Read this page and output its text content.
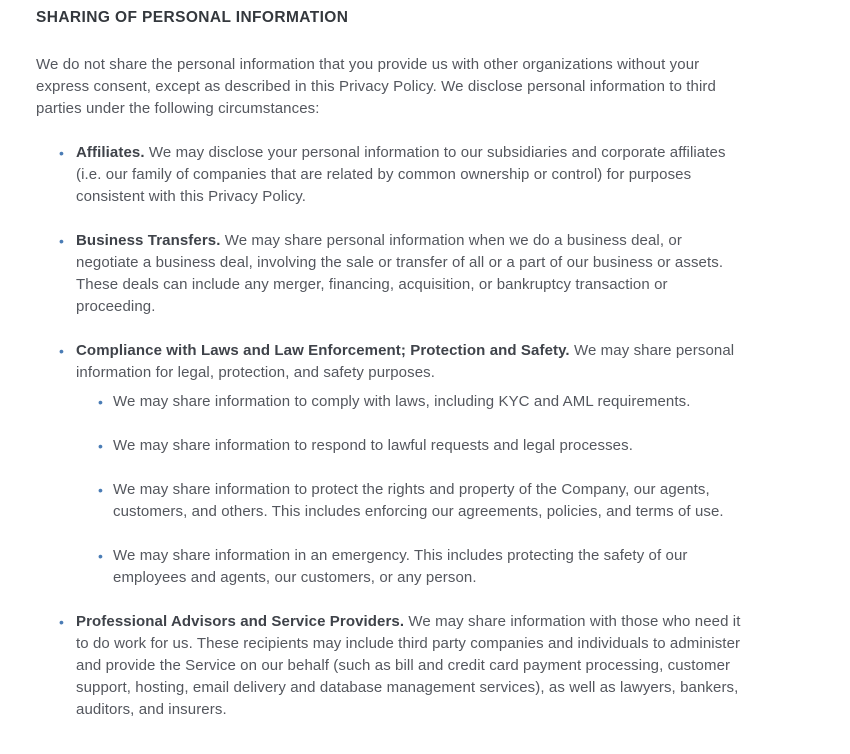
SHARING OF PERSONAL INFORMATION

We do not share the personal information that you provide us with other organizations without your express consent, except as described in this Privacy Policy. We disclose personal information to third parties under the following circumstances:

• Affiliates. We may disclose your personal information to our subsidiaries and corporate affiliates (i.e. our family of companies that are related by common ownership or control) for purposes consistent with this Privacy Policy.
• Business Transfers. We may share personal information when we do a business deal, or negotiate a business deal, involving the sale or transfer of all or a part of our business or assets. These deals can include any merger, financing, acquisition, or bankruptcy transaction or proceeding.
• Compliance with Laws and Law Enforcement; Protection and Safety. We may share personal information for legal, protection, and safety purposes.
• We may share information to comply with laws, including KYC and AML requirements.
• We may share information to respond to lawful requests and legal processes.
• We may share information to protect the rights and property of the Company, our agents, customers, and others. This includes enforcing our agreements, policies, and terms of use.
• We may share information in an emergency. This includes protecting the safety of our employees and agents, our customers, or any person.
• Professional Advisors and Service Providers. We may share information with those who need it to do work for us. These recipients may include third party companies and individuals to administer and provide the Service on our behalf (such as bill and credit card payment processing, customer support, hosting, email delivery and database management services), as well as lawyers, bankers, auditors, and insurers.
